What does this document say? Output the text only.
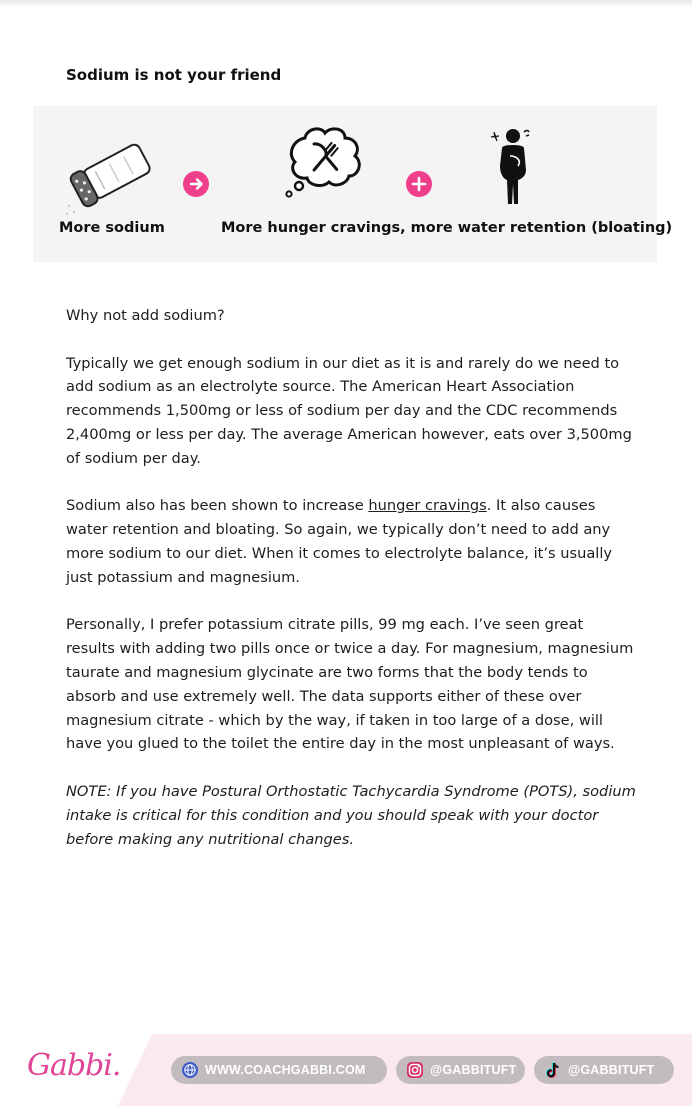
Sodium is not your friend
More sodium	More hunger cravings, more water retention (bloating)

Why not add sodium?

Typically we get enough sodium in our diet as it is and rarely do we need to add sodium as an electrolyte source. The American Heart Association recommends 1,500mg or less of sodium per day and the CDC recommends 2,400mg or less per day. The average American however, eats over 3,500mg of sodium per day.

Sodium also has been shown to increase hunger cravings. It also causes water retention and bloating. So again, we typically don’t need to add any more sodium to our diet. When it comes to electrolyte balance, it’s usually just potassium and magnesium.

Personally, I prefer potassium citrate pills, 99 mg each. I’ve seen great results with adding two pills once or twice a day. For magnesium, magnesium taurate and magnesium glycinate are two forms that the body tends to absorb and use extremely well. The data supports either of these over magnesium citrate - which by the way, if taken in too large of a dose, will have you glued to the toilet the entire day in the most unpleasant of ways.

NOTE: If you have Postural Orthostatic Tachycardia Syndrome (POTS), sodium intake is critical for this condition and you should speak with your doctor before making any nutritional changes.

Gabbi.	WWW.COACHGABBI.COM	@GABBITUFT	@GABBITUFT
